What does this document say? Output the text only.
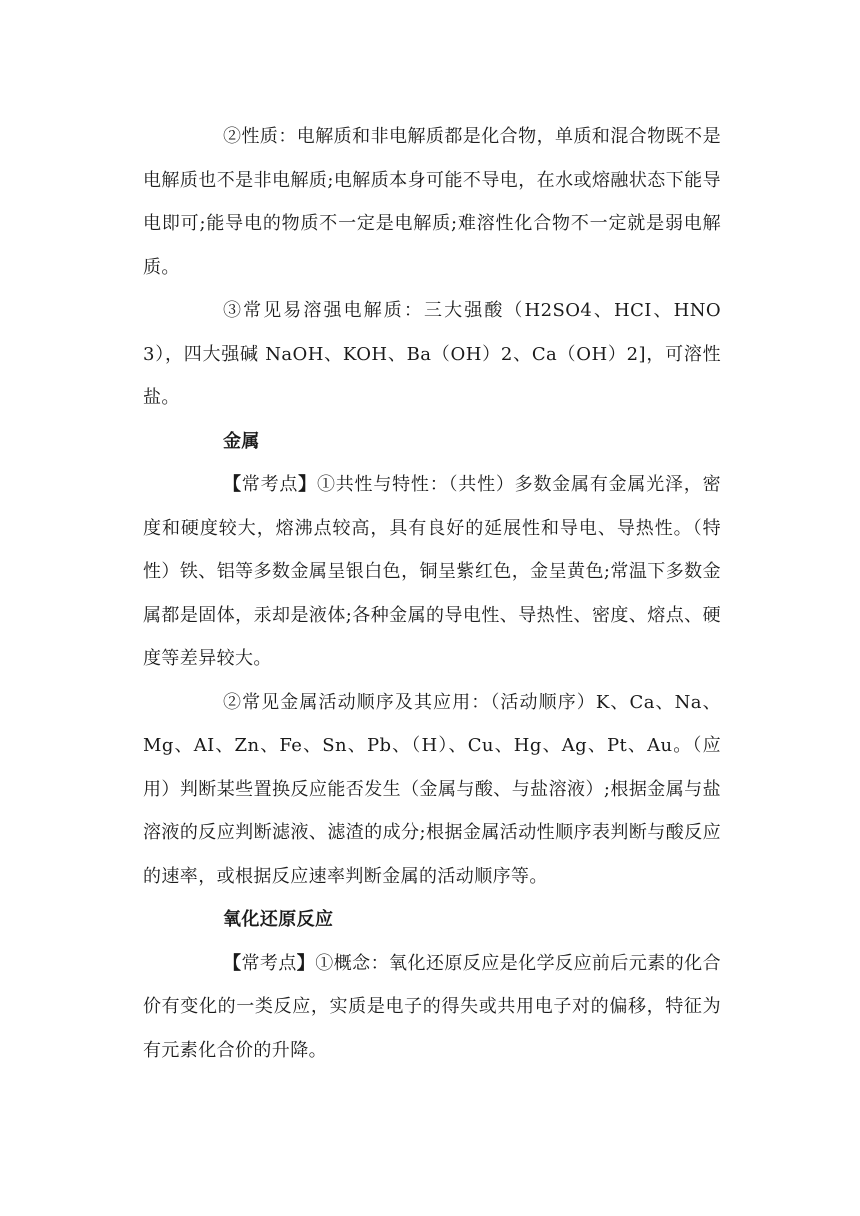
②性质：电解质和非电解质都是化合物，单质和混合物既不是电解质也不是非电解质;电解质本身可能不导电，在水或熔融状态下能导电即可;能导电的物质不一定是电解质;难溶性化合物不一定就是弱电解质。

③常见易溶强电解质：三大强酸（H2SO4、HCI、HNO3），四大强碱 NaOH、KOH、Ba（OH）2、Ca（OH）2]，可溶性盐。

金属

【常考点】①共性与特性：（共性）多数金属有金属光泽，密度和硬度较大，熔沸点较高，具有良好的延展性和导电、导热性。（特性）铁、铝等多数金属呈银白色，铜呈紫红色，金呈黄色;常温下多数金属都是固体，汞却是液体;各种金属的导电性、导热性、密度、熔点、硬度等差异较大。

②常见金属活动顺序及其应用：（活动顺序）K、Ca、Na、Mg、AI、Zn、Fe、Sn、Pb、（H）、Cu、Hg、Ag、Pt、Au。（应用）判断某些置换反应能否发生（金属与酸、与盐溶液）;根据金属与盐溶液的反应判断滤液、滤渣的成分;根据金属活动性顺序表判断与酸反应的速率，或根据反应速率判断金属的活动顺序等。

氧化还原反应

【常考点】①概念：氧化还原反应是化学反应前后元素的化合价有变化的一类反应，实质是电子的得失或共用电子对的偏移，特征为有元素化合价的升降。
